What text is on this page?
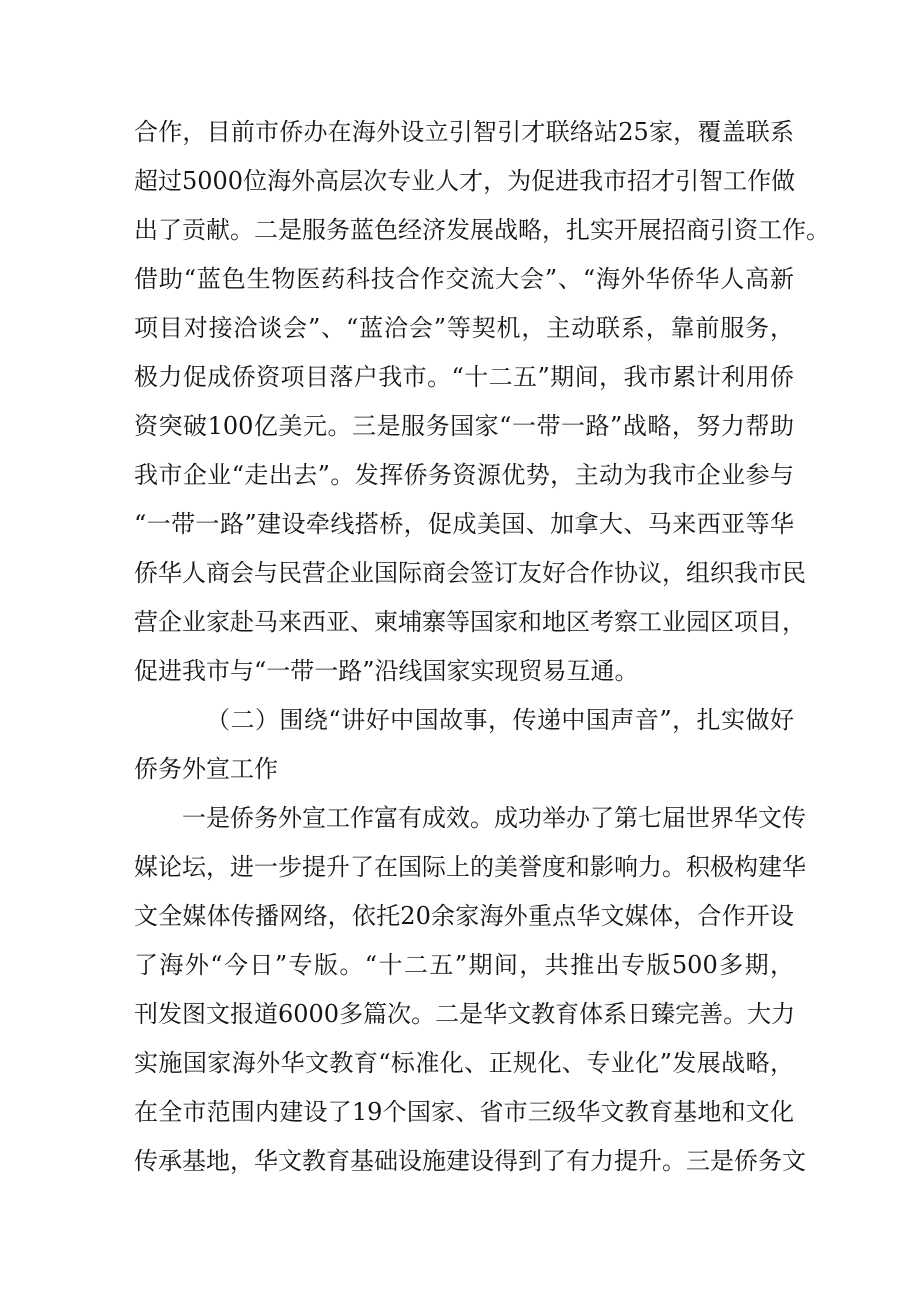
合作，目前市侨办在海外设立引智引才联络站25家，覆盖联系
超过5000位海外高层次专业人才，为促进我市招才引智工作做
出了贡献。二是服务蓝色经济发展战略，扎实开展招商引资工作。
借助“蓝色生物医药科技合作交流大会”、“海外华侨华人高新
项目对接洽谈会”、“蓝洽会”等契机，主动联系，靠前服务，
极力促成侨资项目落户我市。“十二五”期间，我市累计利用侨
资突破100亿美元。三是服务国家“一带一路”战略，努力帮助
我市企业“走出去”。发挥侨务资源优势，主动为我市企业参与
“一带一路”建设牵线搭桥，促成美国、加拿大、马来西亚等华
侨华人商会与民营企业国际商会签订友好合作协议，组织我市民
营企业家赴马来西亚、柬埔寨等国家和地区考察工业园区项目，
促进我市与“一带一路”沿线国家实现贸易互通。
（二）围绕“讲好中国故事，传递中国声音”，扎实做好
侨务外宣工作
一是侨务外宣工作富有成效。成功举办了第七届世界华文传
媒论坛，进一步提升了在国际上的美誉度和影响力。积极构建华
文全媒体传播网络，依托20余家海外重点华文媒体，合作开设
了海外“今日”专版。“十二五”期间，共推出专版500多期，
刊发图文报道6000多篇次。二是华文教育体系日臻完善。大力
实施国家海外华文教育“标准化、正规化、专业化”发展战略，
在全市范围内建设了19个国家、省市三级华文教育基地和文化
传承基地，华文教育基础设施建设得到了有力提升。三是侨务文
